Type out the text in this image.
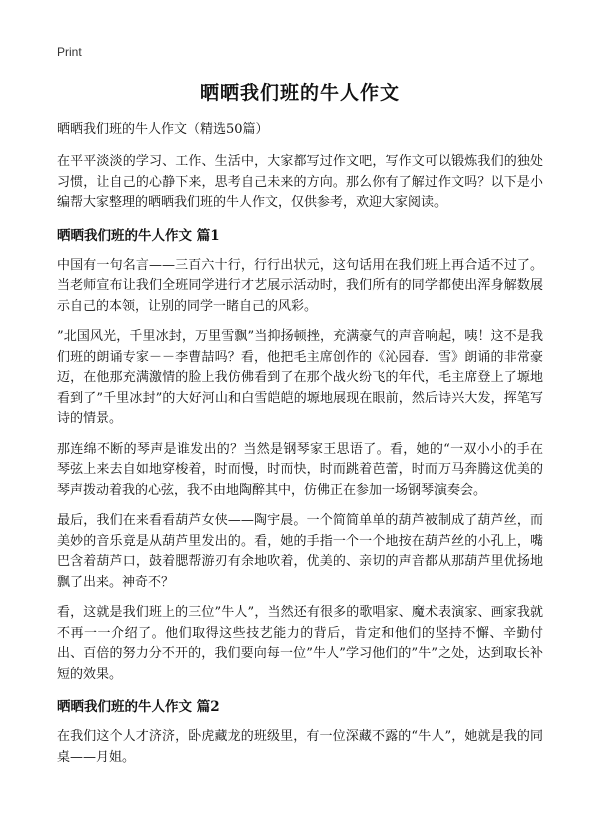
Print
晒晒我们班的牛人作文
晒晒我们班的牛人作文（精选50篇）

在平平淡淡的学习、工作、生活中，大家都写过作文吧，写作文可以锻炼我们的独处习惯，让自己的心静下来，思考自己未来的方向。那么你有了解过作文吗？以下是小编帮大家整理的晒晒我们班的牛人作文，仅供参考，欢迎大家阅读。

晒晒我们班的牛人作文 篇1

中国有一句名言——三百六十行，行行出状元，这句话用在我们班上再合适不过了。当老师宣布让我们全班同学进行才艺展示活动时，我们所有的同学都使出浑身解数展示自己的本领，让别的同学一睹自己的风彩。

”北国风光，千里冰封，万里雪飘”当抑扬顿挫，充满豪气的声音响起，咦！这不是我们班的朗诵专家－－李曹喆吗？看，他把毛主席创作的《沁园春．雪》朗诵的非常豪迈，在他那充满激情的脸上我仿佛看到了在那个战火纷飞的年代，毛主席登上了塬地看到了”千里冰封”的大好河山和白雪皑皑的塬地展现在眼前，然后诗兴大发，挥笔写诗的情景。

那连绵不断的琴声是谁发出的？当然是钢琴家王思语了。看，她的“一双小小的手在琴弦上来去自如地穿梭着，时而慢，时而快，时而跳着芭蕾，时而万马奔腾这优美的琴声拨动着我的心弦，我不由地陶醉其中，仿佛正在参加一场钢琴演奏会。

最后，我们在来看看葫芦女侠——陶宇晨。一个简简单单的葫芦被制成了葫芦丝，而美妙的音乐竟是从葫芦里发出的。看，她的手指一个一个地按在葫芦丝的小孔上，嘴巴含着葫芦口，鼓着腮帮游刃有余地吹着，优美的、亲切的声音都从那葫芦里优扬地飘了出来。神奇不？

看，这就是我们班上的三位”牛人”，当然还有很多的歌唱家、魔术表演家、画家我就不再一一介绍了。他们取得这些技艺能力的背后，肯定和他们的坚持不懈、辛勤付出、百倍的努力分不开的，我们要向每一位”牛人”学习他们的”牛”之处，达到取长补短的效果。

晒晒我们班的牛人作文 篇2

在我们这个人才济济，卧虎藏龙的班级里，有一位深藏不露的“牛人”，她就是我的同桌——月姐。
